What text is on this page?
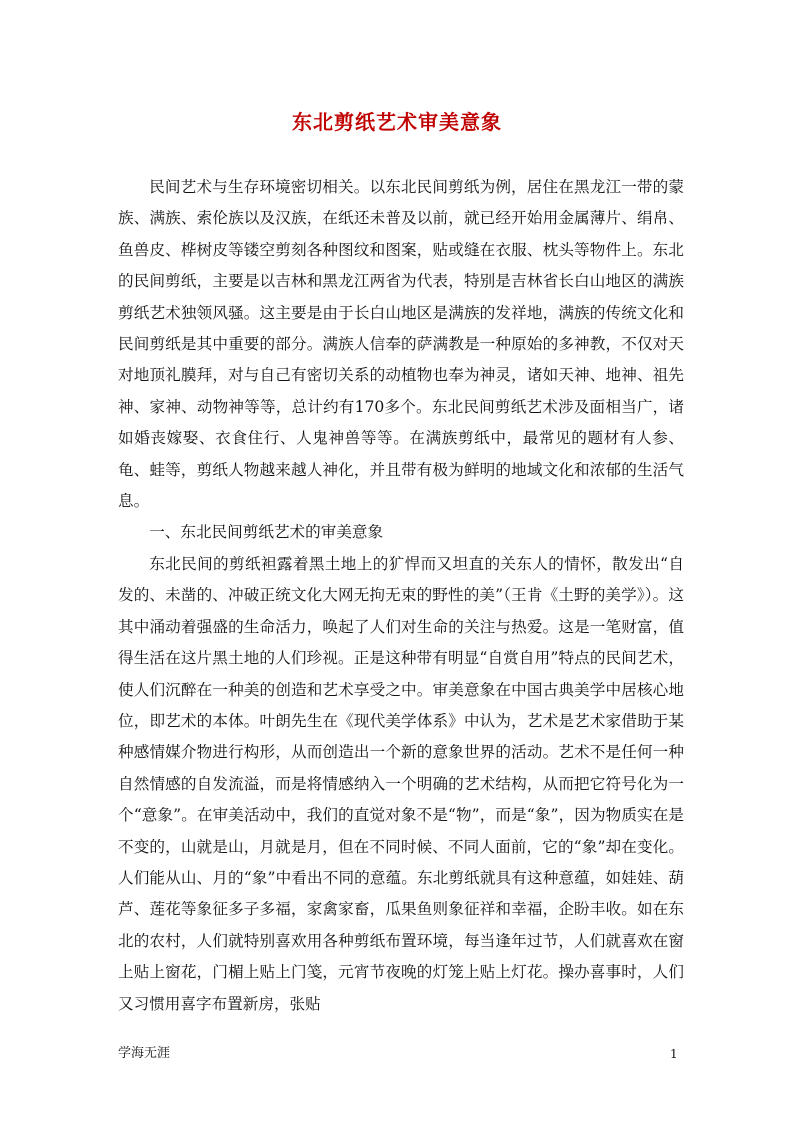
东北剪纸艺术审美意象

民间艺术与生存环境密切相关。以东北民间剪纸为例，居住在黑龙江一带的蒙族、满族、索伦族以及汉族，在纸还未普及以前，就已经开始用金属薄片、绢帛、鱼兽皮、桦树皮等镂空剪刻各种图纹和图案，贴或缝在衣服、枕头等物件上。东北的民间剪纸，主要是以吉林和黑龙江两省为代表，特别是吉林省长白山地区的满族剪纸艺术独领风骚。这主要是由于长白山地区是满族的发祥地，满族的传统文化和民间剪纸是其中重要的部分。满族人信奉的萨满教是一种原始的多神教，不仅对天对地顶礼膜拜，对与自己有密切关系的动植物也奉为神灵，诸如天神、地神、祖先神、家神、动物神等等，总计约有170多个。东北民间剪纸艺术涉及面相当广，诸如婚丧嫁娶、衣食住行、人鬼神兽等等。在满族剪纸中，最常见的题材有人参、龟、蛙等，剪纸人物越来越人神化，并且带有极为鲜明的地域文化和浓郁的生活气息。

一、东北民间剪纸艺术的审美意象

东北民间的剪纸袒露着黑土地上的犷悍而又坦直的关东人的情怀，散发出“自发的、未凿的、冲破正统文化大网无拘无束的野性的美”（王肯《土野的美学》）。这其中涌动着强盛的生命活力，唤起了人们对生命的关注与热爱。这是一笔财富，值得生活在这片黑土地的人们珍视。正是这种带有明显“自赏自用”特点的民间艺术，使人们沉醉在一种美的创造和艺术享受之中。审美意象在中国古典美学中居核心地位，即艺术的本体。叶朗先生在《现代美学体系》中认为，艺术是艺术家借助于某种感情媒介物进行构形，从而创造出一个新的意象世界的活动。艺术不是任何一种自然情感的自发流溢，而是将情感纳入一个明确的艺术结构，从而把它符号化为一个“意象”。在审美活动中，我们的直觉对象不是“物”，而是“象”，因为物质实在是不变的，山就是山，月就是月，但在不同时候、不同人面前，它的“象”却在变化。人们能从山、月的“象”中看出不同的意蕴。东北剪纸就具有这种意蕴，如娃娃、葫芦、莲花等象征多子多福，家禽家畜，瓜果鱼则象征祥和幸福，企盼丰收。如在东北的农村，人们就特别喜欢用各种剪纸布置环境，每当逢年过节，人们就喜欢在窗上贴上窗花，门楣上贴上门笺，元宵节夜晚的灯笼上贴上灯花。操办喜事时，人们又习惯用喜字布置新房，张贴

学海无涯	1
